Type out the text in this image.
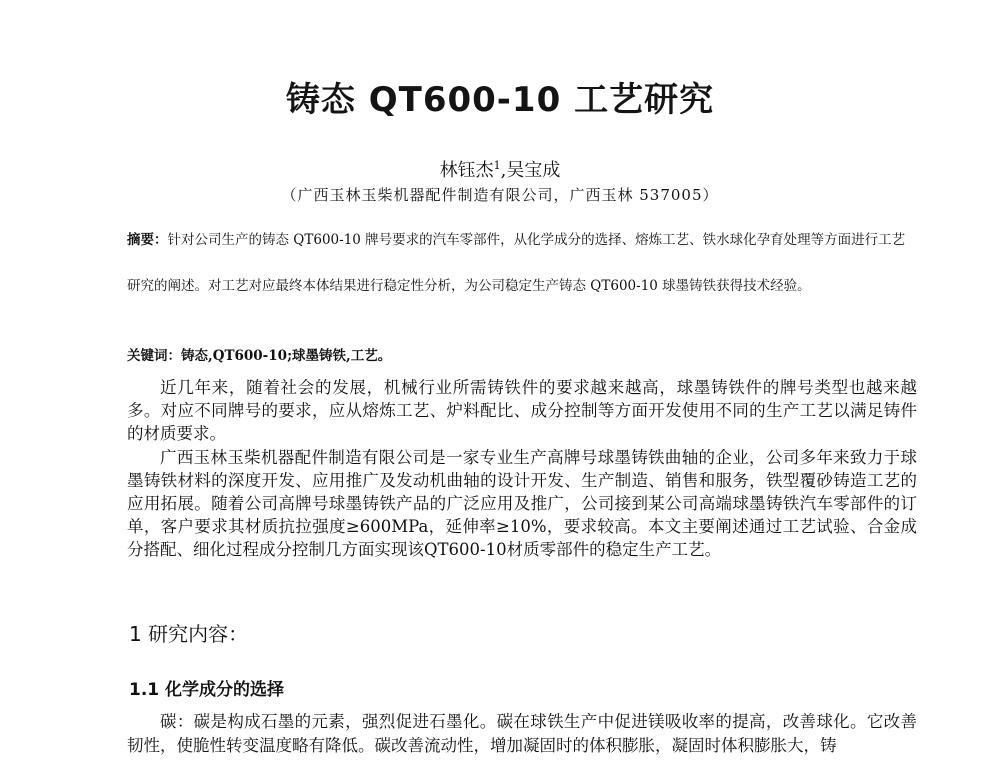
铸态 QT600-10 工艺研究
林钰杰$^1$,吴宝成
（广西玉林玉柴机器配件制造有限公司，广西玉林 537005）
摘要：针对公司生产的铸态 QT600-10 牌号要求的汽车零部件，从化学成分的选择、熔炼工艺、铁水球化孕育处理等方面进行工艺研究的阐述。对工艺对应最终本体结果进行稳定性分析，为公司稳定生产铸态 QT600-10 球墨铸铁获得技术经验。
关键词：铸态,QT600-10;球墨铸铁,工艺。

近几年来，随着社会的发展，机械行业所需铸铁件的要求越来越高，球墨铸铁件的牌号类型也越来越多。对应不同牌号的要求，应从熔炼工艺、炉料配比、成分控制等方面开发使用不同的生产工艺以满足铸件的材质要求。

广西玉林玉柴机器配件制造有限公司是一家专业生产高牌号球墨铸铁曲轴的企业，公司多年来致力于球墨铸铁材料的深度开发、应用推广及发动机曲轴的设计开发、生产制造、销售和服务，铁型覆砂铸造工艺的应用拓展。随着公司高牌号球墨铸铁产品的广泛应用及推广，公司接到某公司高端球墨铸铁汽车零部件的订单，客户要求其材质抗拉强度≥600MPa，延伸率≥10%，要求较高。本文主要阐述通过工艺试验、合金成分搭配、细化过程成分控制几方面实现该QT600-10材质零部件的稳定生产工艺。

1 研究内容：
1.1 化学成分的选择

碳：碳是构成石墨的元素，强烈促进石墨化。碳在球铁生产中促进镁吸收率的提高，改善球化。它改善韧性，使脆性转变温度略有降低。碳改善流动性，增加凝固时的体积膨胀，凝固时体积膨胀大，铸
